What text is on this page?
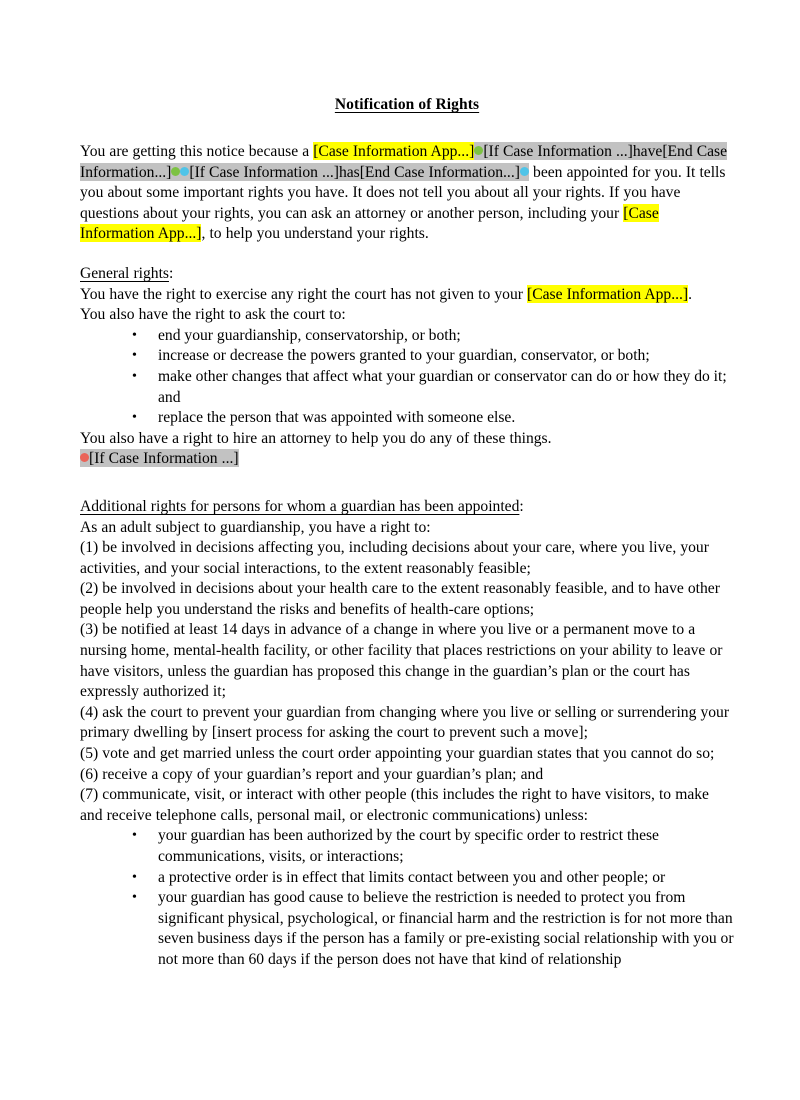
Notification of Rights

You are getting this notice because a [Case Information App...] [If Case Information ...]have[End Case Information...] [If Case Information ...]has[End Case Information...] been appointed for you. It tells you about some important rights you have. It does not tell you about all your rights. If you have questions about your rights, you can ask an attorney or another person, including your [Case Information App...], to help you understand your rights.

General rights:

You have the right to exercise any right the court has not given to your [Case Information App...].

You also have the right to ask the court to:

• end your guardianship, conservatorship, or both;
• increase or decrease the powers granted to your guardian, conservator, or both;
• make other changes that affect what your guardian or conservator can do or how they do it; and
• replace the person that was appointed with someone else.

You also have a right to hire an attorney to help you do any of these things.

[If Case Information ...]

Additional rights for persons for whom a guardian has been appointed:

As an adult subject to guardianship, you have a right to:

(1) be involved in decisions affecting you, including decisions about your care, where you live, your activities, and your social interactions, to the extent reasonably feasible;

(2) be involved in decisions about your health care to the extent reasonably feasible, and to have other people help you understand the risks and benefits of health-care options;

(3) be notified at least 14 days in advance of a change in where you live or a permanent move to a nursing home, mental-health facility, or other facility that places restrictions on your ability to leave or have visitors, unless the guardian has proposed this change in the guardian’s plan or the court has expressly authorized it;

(4) ask the court to prevent your guardian from changing where you live or selling or surrendering your primary dwelling by [insert process for asking the court to prevent such a move];

(5) vote and get married unless the court order appointing your guardian states that you cannot do so;

(6) receive a copy of your guardian’s report and your guardian’s plan; and

(7) communicate, visit, or interact with other people (this includes the right to have visitors, to make and receive telephone calls, personal mail, or electronic communications) unless:

• your guardian has been authorized by the court by specific order to restrict these communications, visits, or interactions;
• a protective order is in effect that limits contact between you and other people; or
• your guardian has good cause to believe the restriction is needed to protect you from significant physical, psychological, or financial harm and the restriction is for not more than seven business days if the person has a family or pre-existing social relationship with you or not more than 60 days if the person does not have that kind of relationship
